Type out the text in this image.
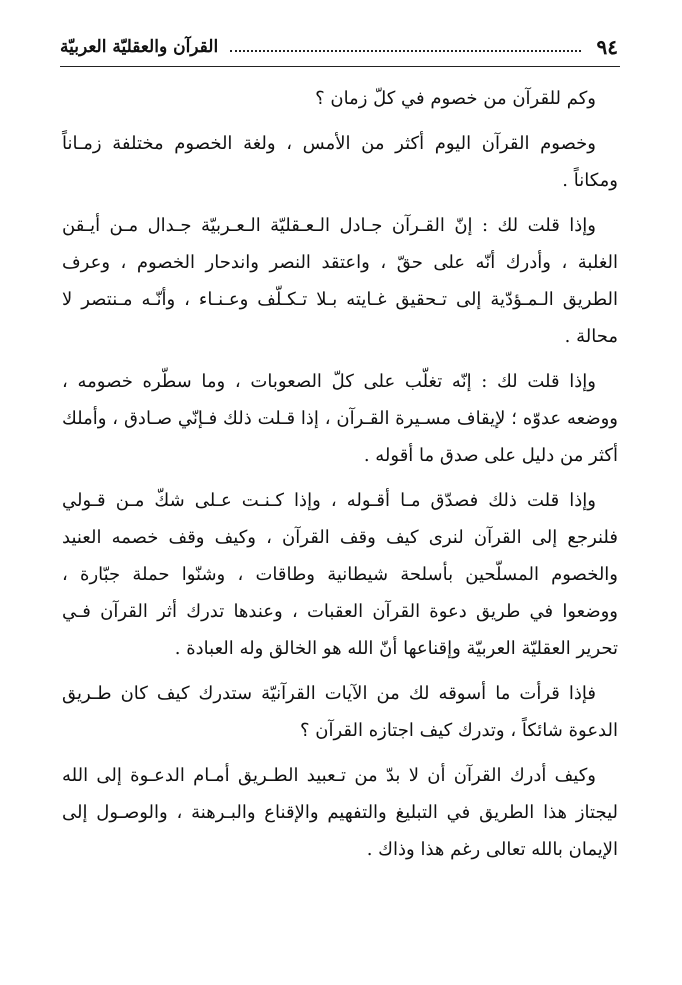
٩٤
القرآن والعقليّة العربيّة

وكم للقرآن من خصوم في كلّ زمان ؟

وخصوم القرآن اليوم أكثر من الأمس ، ولغة الخصوم مختلفة زمـاناً ومكاناً .

وإذا قلت لك : إنّ القـرآن جـادل الـعـقليّة الـعـربيّة جـدال مـن أيـقن الغلبة ، وأدرك أنّه على حقّ ، واعتقد النصر واندحار الخصوم ، وعرف الطريق الـمـؤدّية إلى تـحقيق غـايته بـلا تـكـلّف وعـنـاء ، وأنّـه مـنتصر لا محالة .

وإذا قلت لك : إنّه تغلّب على كلّ الصعوبات ، وما سطّره خصومه ، ووضعه عدوّه ؛ لإيقاف مسـيرة القـرآن ، إذا قـلت ذلك فـإنّي صـادق ، وأملك أكثر من دليل على صدق ما أقوله .

وإذا قلت ذلك فصدّق مـا أقـوله ، وإذا كـنـت عـلى شكّ مـن قـولي فلنرجع إلى القرآن لنرى كيف وقف القرآن ، وكيف وقف خصمه العنيد والخصوم المسلّحين بأسلحة شيطانية وطاقات ، وشنّوا حملة جبّارة ، ووضعوا في طريق دعوة القرآن العقبات ، وعندها تدرك أثر القرآن فـي تحرير العقليّة العربيّة وإقناعها أنّ الله هو الخالق وله العبادة .

فإذا قرأت ما أسوقه لك من الآيات القرآنيّة ستدرك كيف كان طـريق الدعوة شائكاً ، وتدرك كيف اجتازه القرآن ؟

وكيف أدرك القرآن أن لا بدّ من تـعبيد الطـريق أمـام الدعـوة إلى الله ليجتاز هذا الطريق في التبليغ والتفهيم والإقناع والبـرهنة ، والوصـول إلى الإيمان بالله تعالى رغم هذا وذاك .
